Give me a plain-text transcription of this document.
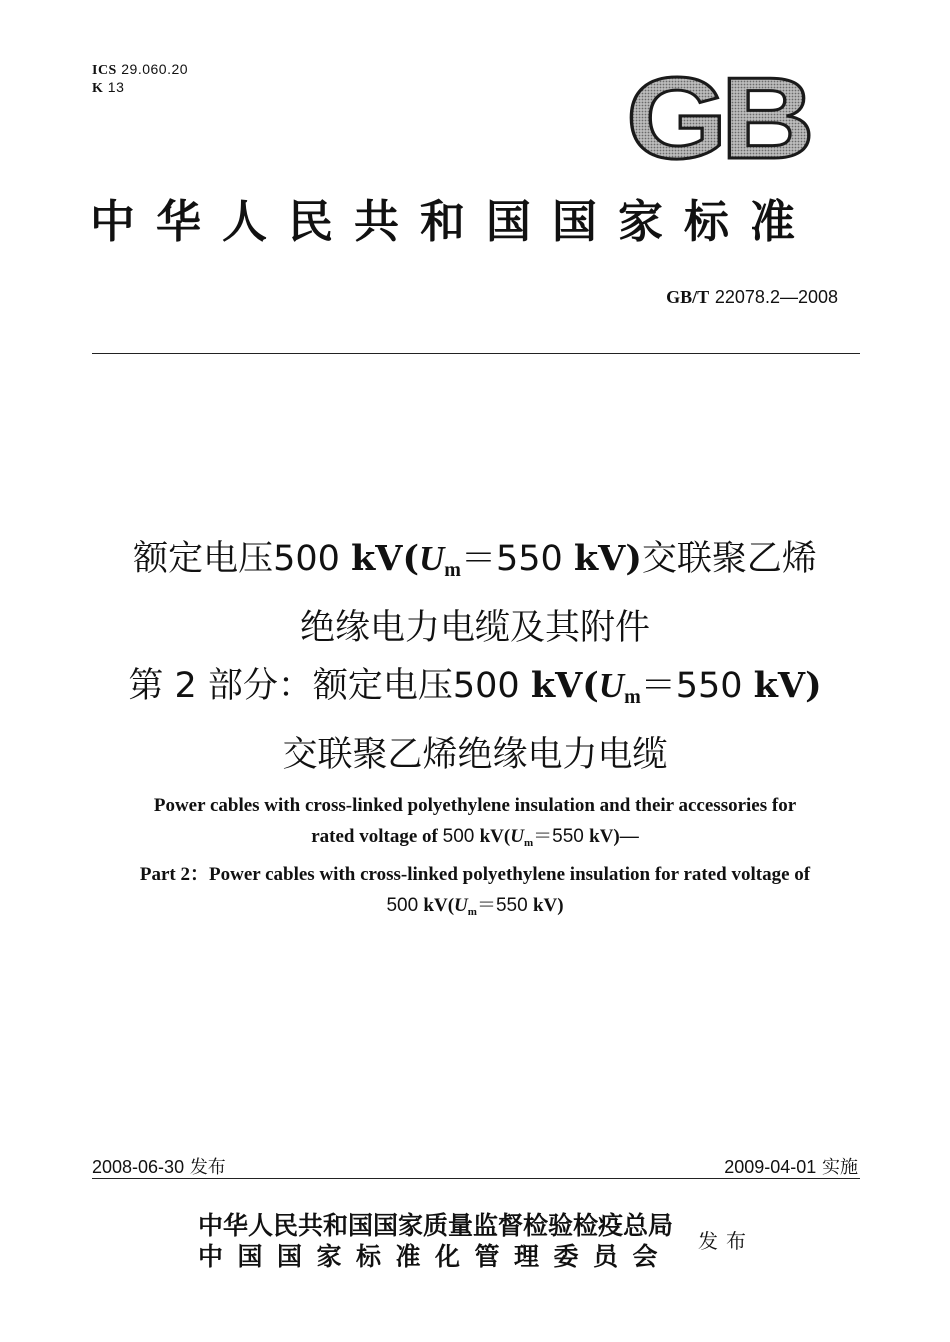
ICS 29.060.20
K 13	GB
中华人民共和国国家标准
GB/T 22078.2—2008
额定电压500 $kV(U_m=550$ kV)交联聚乙烯
绝缘电力电缆及其附件
第 2 部分：额定电压500 $kV(U_m=550$ kV)
交联聚乙烯绝缘电力电缆
Power cables with cross-linked polyethylene insulation and their accessories for
rated voltage of 500 $kV(U_m=550$ kV)—
Part 2：Power cables with cross-linked polyethylene insulation for rated voltage of
500 $kV(U_m=550$ kV)
2008-06-30 发布	2009-04-01 实施
中华人民共和国国家质量监督检验检疫总局
中国国家标准化管理委员会
发布
